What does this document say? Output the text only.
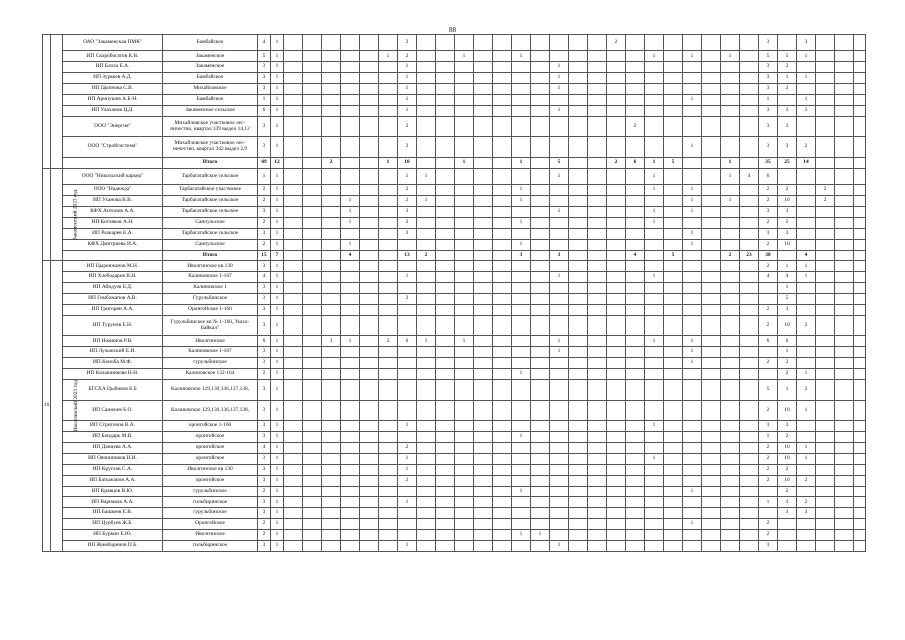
88
		ОАО "Закаменская ПМК"	Бамбайское	4	1							2											2								3		3			
		ИП Скоробогатов К.В.	Закаменское	5	1						1	2			1			1							1		1		1		5	5	1			
		ИП Блоха Е.А.	Закаменское	3	1							1								1											3	2				
		ИП Зуркеев А.Д.	Бамбайское	3	1							1								1											3	1	1			
		ИП Цыпнова С.В.	Михайловское	3	1							1								1											3	2				
		ИП Арипушев А.Б-Н.	Бамбайское	1	1							1															1				1		1			
		ИП Улаханов Ц.Д.	Закаменское сельское	6	1							1								1											3	3	3			
		ООО "Энергия"	Михайловское участковое лес- ничество, квартал 339 выдел 14,12	3	1							2												2							3	3				
		ООО "Стройсистема"	Михайловское участковое лес- ничество, квартал 342 выдел 2,9	3	1							2															1				3	3	2			
			Итого	49	12			2			1	18			1			1		5			2	6	1	5			1		35	25	14			
	Закаменский 2023 год	ООО "Никольский карьер"	Тарбагатайское сельское	1	1							1	1							1					1				1	4	6					
		ООО "Надежда"	Тарбагатайское участковое	2	1							2						1							1		1				2	2		2		
		ИП Уханова В.В.	Тарбагатайское сельское	2	1				1			2	1					1									1		1		2	10		2		
		КФХ Антонов А.А.	Тарбагатайское сельское	3	1				1			3								1					1		1				3	3				
		ИП Котляков А.Н.	Санпульское	2	1				1			2						1							1						2	2				
		ИП Рыжарев Е.А.	Тарбагатайское сельское	3	1							3															1				3	3				
		КФХ Дмитриева И.А.	Санпульское	2	1				1									1									1				2	10				
			Итого	15	7				4			13	2					3		3				4		5			2	23	38		4			
16	Иволгинский 2023 год	ИП Цыренжапов М.Н.	Иволгинское кв 130	3	1																										2	1	1			
		ИП Хлебодаров В.Н.	Калиновское 1-167	4	1							1								1					1						4	4	1			
		ИП Абидуев Б.Д.	Калиновское 1	3	1																											1				
		ИП Гомбожапов А.В.	Гурульбинское	3	1							2																				5				
		ИП Григорян А.А.	Оронгойское 1-160	3	1																										2	3				
		ИП Турунов Е.Н.	Гурульбинское кв № 1-160, Ушхо-Байкал"	3	1																										2	10	2			
		ИП Номинов Р.В.	Иволгинское	6	1			3	1		2	6	1		1					1					1		1				6	6				
		ИП Лужанский Е.И.	Калиновское 1-167	3	1															1							1					1				
		ИП Коноба М.Ф.	гурульбинское	3	1																						1				2	2				
		ИП Калашникова Н.Н.	Калиновское 132-164	2	1													1														2	1			
		БГСХА Цыбиков Б.Б	Калиновское 129,130,136,137,138,	3	1																										5	1	2			
		ИП Санжиев Б.О.	Калиновское 129,130,136,137,138,	3	1																										2	10	1			
		ИП Стригонов В.А.	оронгойское 1-160	3	1							1													1						3	3				
		ИП Бондарь М.В.	оронгойское	3	1													1													1	2				
		ИП Данцева А.А.	оронгойское	4	1							2																			2	10	1			
		ИП Овчинников Н.И.	оронгойское	3	1							1													1						2	10	1			
		ИП Круглов С.А.	Иволгинское кв 130	3	1							1																			2	2				
		ИП Батыжапов А.А.	оронгойское	3	1							2																			2	10	2			
		ИП Кравцов В.Ю.	гурульбинское	2	1													1									1					2				
		ИП Варнаков А.А.	гильбиринское	3	1							1																			1	3	2			
		ИП Башкеев Е.В.	гурульбинское	3	1																											3	3			
		ИП Цурбуев Ж.Б.	Оронгойское	2	1																						1				2					
		ИП Буркин Е.Ю.	Иволгинское	2	1													1	1												2					
		ИП Жимбаринов П.Б.	гильбиринское	3	1							1								1											3					
